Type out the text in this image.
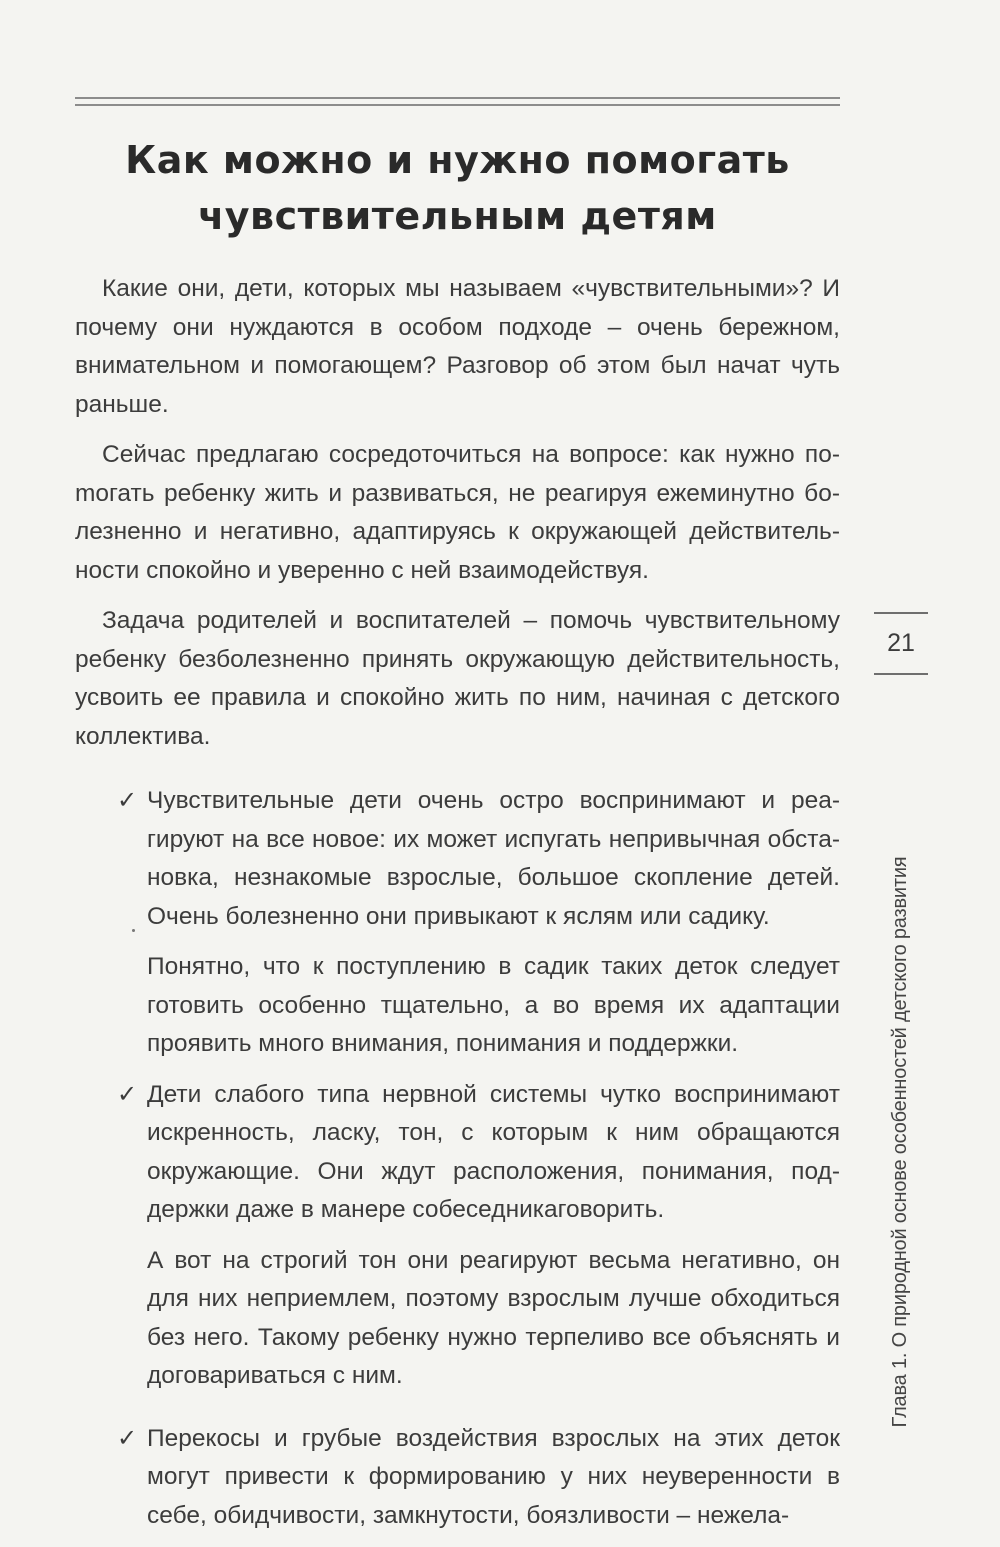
Как можно и нужно помогать
чувствительным детям

Какие они, дети, которых мы называем «чувствительными»? И почему они нуждаются в особом подходе – очень бережном, внимательном и помогающем? Разговор об этом был начат чуть раньше.

Сейчас предлагаю сосредоточиться на вопросе: как нужно поmогать ребенку жить и развиваться, не реагируя ежеминутно болезненно и негативно, адаптируясь к окружающей действительности спокойно и уверенно с ней взаимодействуя.

Задача родителей и воспитателей – помочь чувствительному ребенку безболезненно принять окружающую действительность, усвоить ее правила и спокойно жить по ним, начиная с детского коллектива.

✓ Чувствительные дети очень остро воспринимают и реагируют на все новое: их может испугать непривычная обстановка, незнакомые взрослые, большое скопление детей. Очень болезненно они привыкают к яслям или садику.

Понятно, что к поступлению в садик таких деток следует готовить особенно тщательно, а во время их адаптации проявить много внимания, понимания и поддержки.

✓ Дети слабого типа нервной системы чутко воспринимают искренность, ласку, тон, с которым к ним обращаются окружающие. Они ждут расположения, понимания, поддержки даже в манере собеседникаговорить.

А вот на строгий тон они реагируют весьма негативно, он для них неприемлем, поэтому взрослым лучше обходиться без него. Такому ребенку нужно терпеливо все объяснять и договариваться с ним.

✓ Перекосы и грубые воздействия взрослых на этих деток могут привести к формированию у них неуверенности в себе, обидчивости, замкнутости, боязливости – нежела-

21
Глава 1. О природной основе особенностей детского развития
